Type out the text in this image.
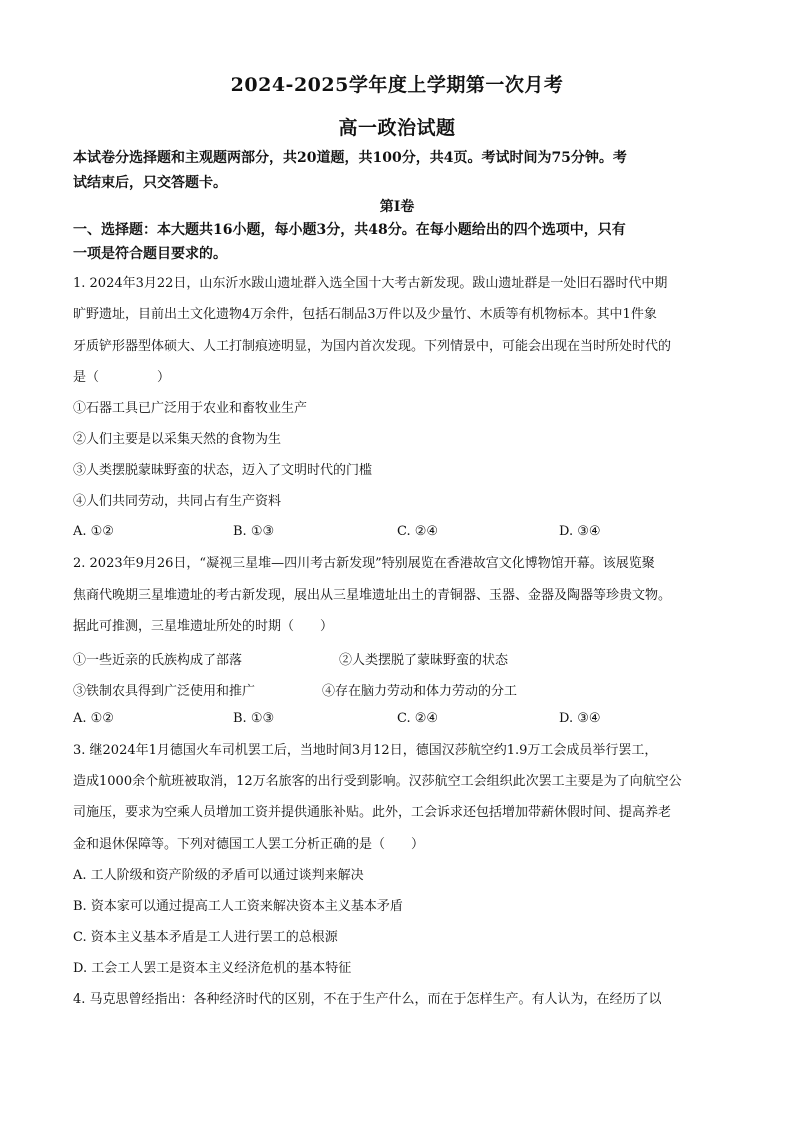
2024-2025学年度上学期第一次月考
高一政治试题
本试卷分选择题和主观题两部分，共20道题，共100分，共4页。考试时间为75分钟。考
试结束后，只交答题卡。
第Ⅰ卷
一、选择题：本大题共16小题，每小题3分，共48分。在每小题给出的四个选项中，只有
一项是符合题目要求的。
1. 2024年3月22日，山东沂水跋山遗址群入选全国十大考古新发现。跋山遗址群是一处旧石器时代中期
旷野遗址，目前出土文化遗物4万余件，包括石制品3万件以及少量竹、木质等有机物标本。其中1件象
牙质铲形器型体硕大、人工打制痕迹明显，为国内首次发现。下列情景中，可能会出现在当时所处时代的
是（	）
①石器工具已广泛用于农业和畜牧业生产
②人们主要是以采集天然的食物为生
③人类摆脱蒙昧野蛮的状态，迈入了文明时代的门槛
④人们共同劳动，共同占有生产资料
A. ①②	B. ①③	C. ②④	D. ③④
2. 2023年9月26日，“凝视三星堆—四川考古新发现”特别展览在香港故宫文化博物馆开幕。该展览聚
焦商代晚期三星堆遗址的考古新发现，展出从三星堆遗址出土的青铜器、玉器、金器及陶器等珍贵文物。
据此可推测，三星堆遗址所处的时期（　　）
①一些近亲的氏族构成了部落	②人类摆脱了蒙昧野蛮的状态
③铁制农具得到广泛使用和推广	④存在脑力劳动和体力劳动的分工
A. ①②	B. ①③	C. ②④	D. ③④
3. 继2024年1月德国火车司机罢工后，当地时间3月12日，德国汉莎航空约1.9万工会成员举行罢工，
造成1000余个航班被取消，12万名旅客的出行受到影响。汉莎航空工会组织此次罢工主要是为了向航空公
司施压，要求为空乘人员增加工资并提供通胀补贴。此外，工会诉求还包括增加带薪休假时间、提高养老
金和退休保障等。下列对德国工人罢工分析正确的是（　　）
A. 工人阶级和资产阶级的矛盾可以通过谈判来解决
B. 资本家可以通过提高工人工资来解决资本主义基本矛盾
C. 资本主义基本矛盾是工人进行罢工的总根源
D. 工会工人罢工是资本主义经济危机的基本特征
4. 马克思曾经指出：各种经济时代的区别，不在于生产什么，而在于怎样生产。有人认为，在经历了以
